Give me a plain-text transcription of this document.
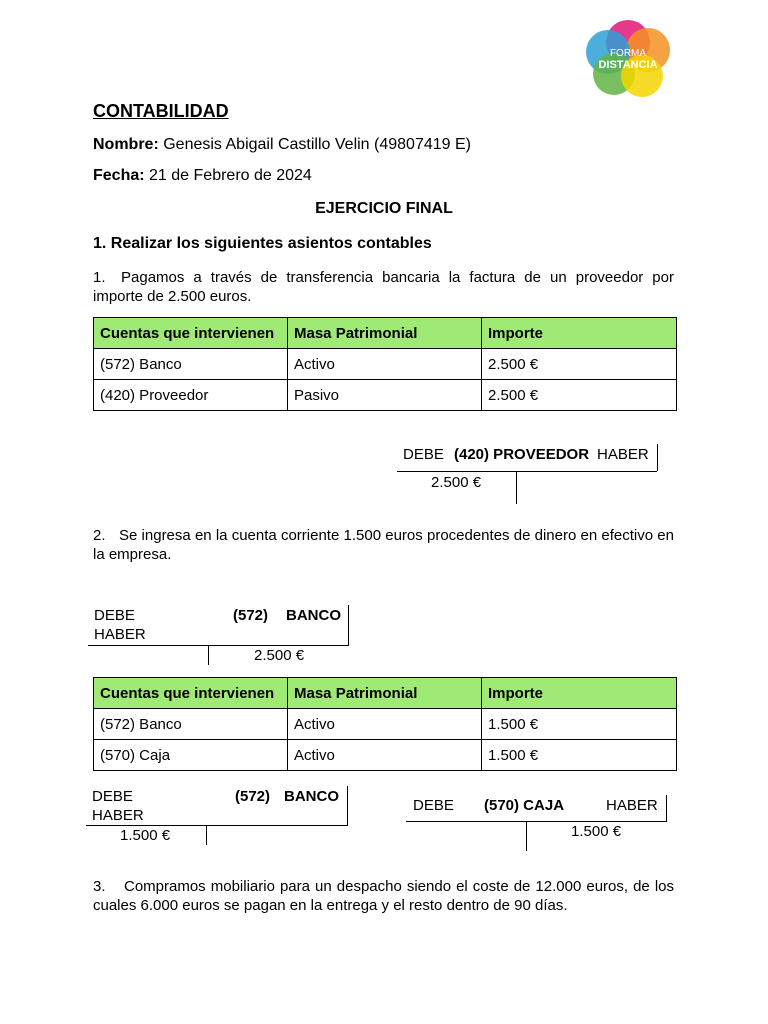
FORMA
DISTANCIA
CONTABILIDAD
Nombre: Genesis Abigail Castillo Velin (49807419 E)
Fecha: 21 de Febrero de 2024
EJERCICIO FINAL
1. Realizar los siguientes asientos contables
1. Pagamos a través de transferencia bancaria la factura de un proveedor por importe de 2.500 euros.
Cuentas que intervienen	Masa Patrimonial	Importe
(572) Banco	Activo	2.500 €
(420) Proveedor	Pasivo	2.500 €
DEBE (420) PROVEEDOR HABER
2.500 €
2. Se ingresa en la cuenta corriente 1.500 euros procedentes de dinero en efectivo en la empresa.
DEBE	(572) BANCO
HABER
2.500 €
Cuentas que intervienen	Masa Patrimonial	Importe
(572) Banco	Activo	1.500 €
(570) Caja	Activo	1.500 €
DEBE	(572) BANCO
HABER
1.500 €
DEBE (570) CAJA	HABER
1.500 €
3. Compramos mobiliario para un despacho siendo el coste de 12.000 euros, de los cuales 6.000 euros se pagan en la entrega y el resto dentro de 90 días.
